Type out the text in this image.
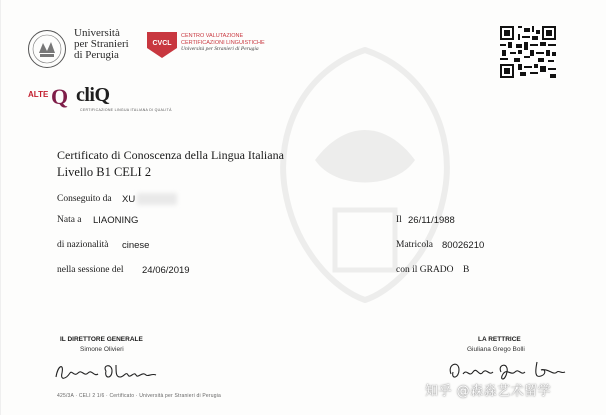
Università
per Stranieri
di Perugia
CVCL
CENTRO VALUTAZIONE
CERTIFICAZIONI LINGUISTICHE
Università per Stranieri di Perugia
ALTE Q cliQ
CERTIFICAZIONE LINGUA ITALIANA DI QUALITÀ
Certificato di Conoscenza della Lingua Italiana
Livello B1 CELI 2
Conseguito da XU
Nata a LIAONING	Il 26/11/1988
di nazionalità cinese	Matricola 80026210
nella sessione del 24/06/2019	con il GRADO B
IL DIRETTORE GENERALE
Simone Olivieri
LA RETTRICE
Giuliana Grego Bolli
425/3A · CELI 2 1/6 · Certificato · Università per Stranieri di Perugia	知乎 @森淼艺术留学
